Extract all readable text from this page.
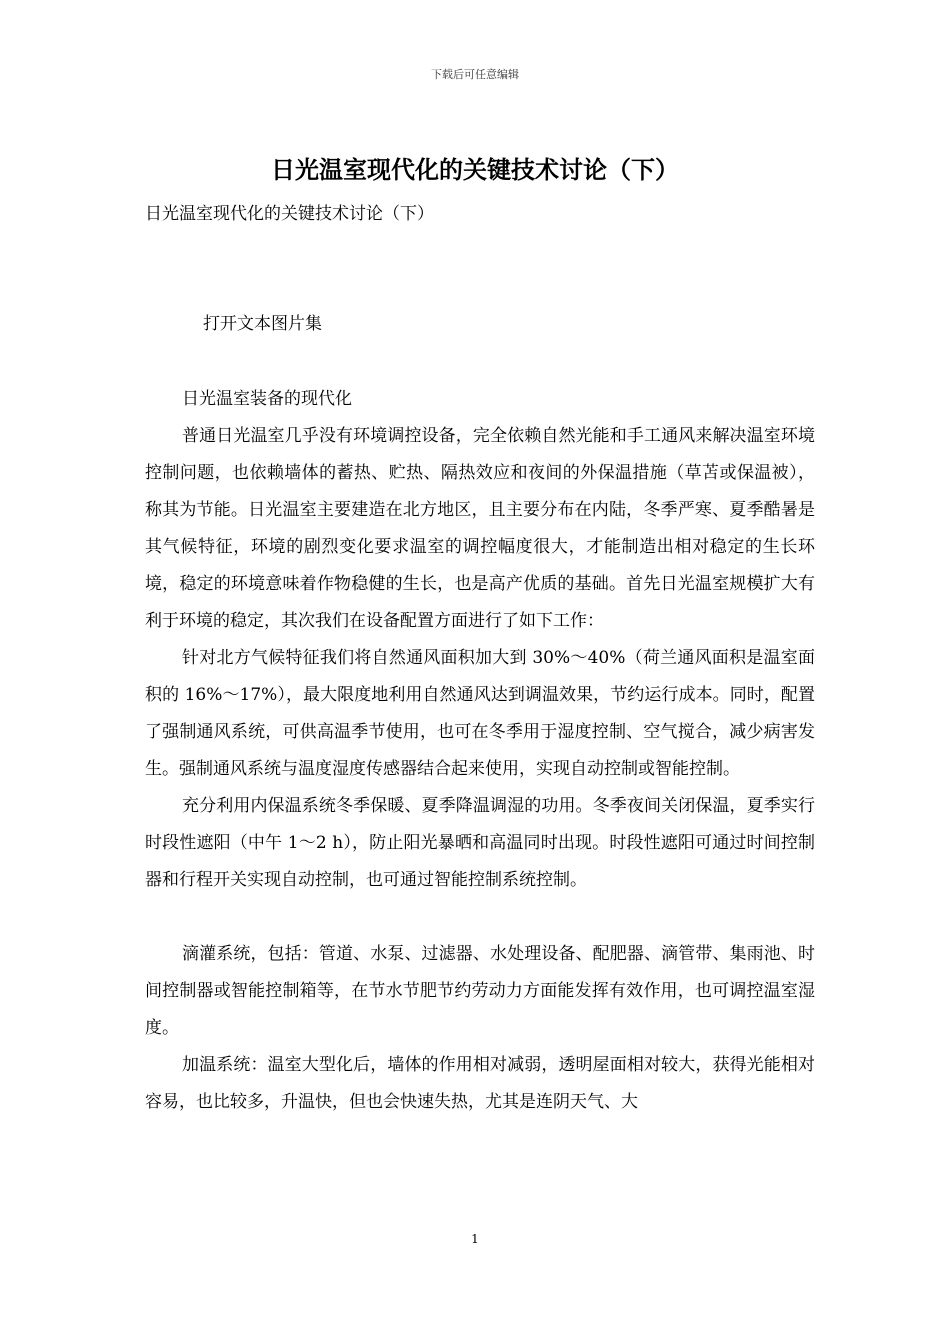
下载后可任意编辑
日光温室现代化的关键技术讨论（下）
日光温室现代化的关键技术讨论（下）
打开文本图片集
日光温室装备的现代化

普通日光温室几乎没有环境调控设备，完全依赖自然光能和手工通风来解决温室环境控制问题，也依赖墙体的蓄热、贮热、隔热效应和夜间的外保温措施（草苫或保温被），称其为节能。日光温室主要建造在北方地区，且主要分布在内陆，冬季严寒、夏季酷暑是其气候特征，环境的剧烈变化要求温室的调控幅度很大，才能制造出相对稳定的生长环境，稳定的环境意味着作物稳健的生长，也是高产优质的基础。首先日光温室规模扩大有利于环境的稳定，其次我们在设备配置方面进行了如下工作：

针对北方气候特征我们将自然通风面积加大到 30%～40%（荷兰通风面积是温室面积的 16%～17%），最大限度地利用自然通风达到调温效果，节约运行成本。同时，配置了强制通风系统，可供高温季节使用，也可在冬季用于湿度控制、空气搅合，减少病害发生。强制通风系统与温度湿度传感器结合起来使用，实现自动控制或智能控制。

充分利用内保温系统冬季保暖、夏季降温调湿的功用。冬季夜间关闭保温，夏季实行时段性遮阳（中午 1～2 h），防止阳光暴晒和高温同时出现。时段性遮阳可通过时间控制器和行程开关实现自动控制，也可通过智能控制系统控制。

滴灌系统，包括：管道、水泵、过滤器、水处理设备、配肥器、滴管带、集雨池、时间控制器或智能控制箱等，在节水节肥节约劳动力方面能发挥有效作用，也可调控温室湿度。

加温系统：温室大型化后，墙体的作用相对减弱，透明屋面相对较大，获得光能相对容易，也比较多，升温快，但也会快速失热，尤其是连阴天气、大

1
